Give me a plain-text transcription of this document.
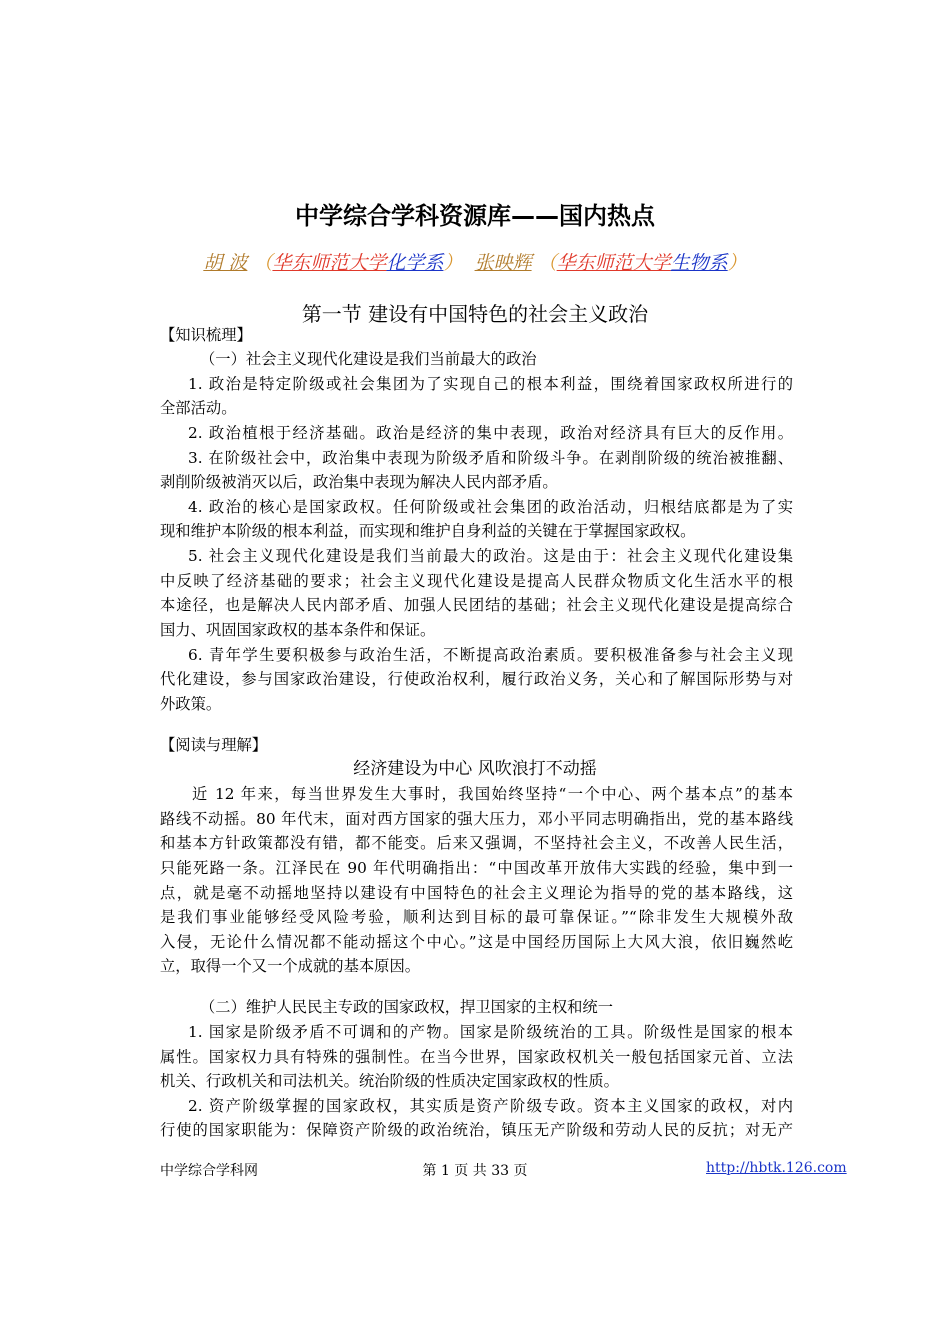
中学综合学科资源库——国内热点
胡 波 （华东师范大学化学系） 张映辉 （华东师范大学生物系）
第一节 建设有中国特色的社会主义政治
【知识梳理】
（一）社会主义现代化建设是我们当前最大的政治
1. 政治是特定阶级或社会集团为了实现自己的根本利益，围绕着国家政权所进行的
全部活动。
2. 政治植根于经济基础。政治是经济的集中表现，政治对经济具有巨大的反作用。
3. 在阶级社会中，政治集中表现为阶级矛盾和阶级斗争。在剥削阶级的统治被推翻、
剥削阶级被消灭以后，政治集中表现为解决人民内部矛盾。
4. 政治的核心是国家政权。任何阶级或社会集团的政治活动，归根结底都是为了实
现和维护本阶级的根本利益，而实现和维护自身利益的关键在于掌握国家政权。
5. 社会主义现代化建设是我们当前最大的政治。这是由于：社会主义现代化建设集
中反映了经济基础的要求；社会主义现代化建设是提高人民群众物质文化生活水平的根
本途径，也是解决人民内部矛盾、加强人民团结的基础；社会主义现代化建设是提高综合
国力、巩固国家政权的基本条件和保证。
6. 青年学生要积极参与政治生活，不断提高政治素质。要积极准备参与社会主义现
代化建设，参与国家政治建设，行使政治权利，履行政治义务，关心和了解国际形势与对
外政策。
【阅读与理解】
经济建设为中心 风吹浪打不动摇
近 12 年来，每当世界发生大事时，我国始终坚持“一个中心、两个基本点”的基本
路线不动摇。80 年代末，面对西方国家的强大压力，邓小平同志明确指出，党的基本路线
和基本方针政策都没有错，都不能变。后来又强调，不坚持社会主义，不改善人民生活，
只能死路一条。江泽民在 90 年代明确指出：“中国改革开放伟大实践的经验，集中到一
点，就是毫不动摇地坚持以建设有中国特色的社会主义理论为指导的党的基本路线，这
是我们事业能够经受风险考验，顺利达到目标的最可靠保证。”“除非发生大规模外敌
入侵，无论什么情况都不能动摇这个中心。”这是中国经历国际上大风大浪，依旧巍然屹
立，取得一个又一个成就的基本原因。
（二）维护人民民主专政的国家政权，捍卫国家的主权和统一
1. 国家是阶级矛盾不可调和的产物。国家是阶级统治的工具。阶级性是国家的根本
属性。国家权力具有特殊的强制性。在当今世界，国家政权机关一般包括国家元首、立法
机关、行政机关和司法机关。统治阶级的性质决定国家政权的性质。
2. 资产阶级掌握的国家政权，其实质是资产阶级专政。资本主义国家的政权，对内
行使的国家职能为：保障资产阶级的政治统治，镇压无产阶级和劳动人民的反抗；对无产
中学综合学科网	第 1 页 共 33 页	http://hbtk.126.com
